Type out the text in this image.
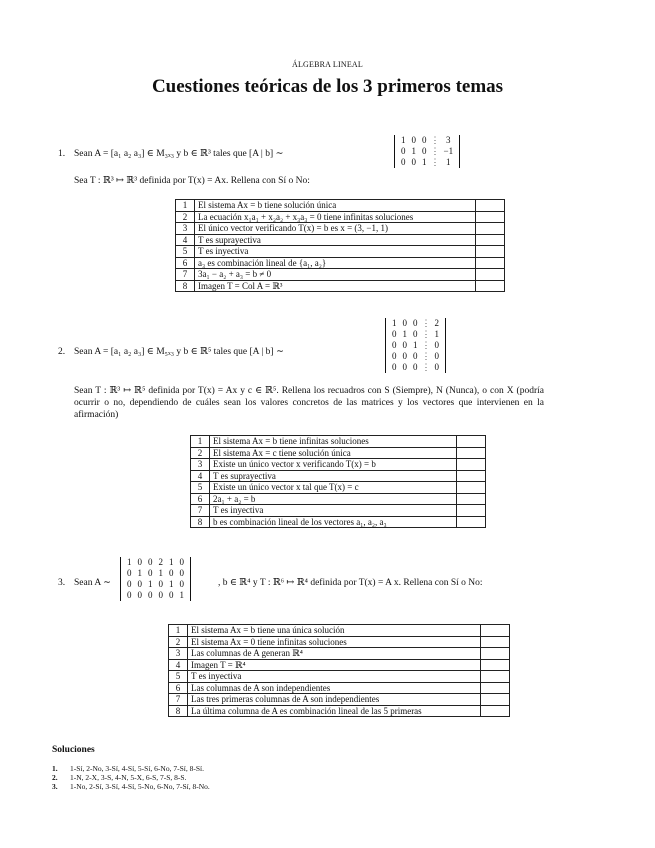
ÁLGEBRA LINEAL
Cuestiones teóricas de los 3 primeros temas
1. Sean A = [a₁ a₂ a₃] ∈ M₃ₓ₃ y b ∈ ℝ³ tales que [A | b] ∼
1	0	0	⋮	3
0	1	0	⋮	−1
0	0	1	⋮	1
Sea T : ℝ³ ↦ ℝ³ definida por T(x) = Ax. Rellena con Sí o No:
1	El sistema Ax = b tiene solución única	
2	La ecuación x₁a₁ + x₂a₂ + x₃a₃ = 0 tiene infinitas soluciones	
3	El único vector verificando T(x) = b es x = (3, −1, 1)	
4	T es suprayectiva	
5	T es inyectiva	
6	a₃ es combinación lineal de {a₁, a₂}	
7	3a₁ − a₂ + a₃ = b ≠ 0	
8	Imagen T = Col A = ℝ³	
2. Sean A = [a₁ a₂ a₃] ∈ M₅ₓ₃ y b ∈ ℝ⁵ tales que [A | b] ∼
1	0	0	⋮	2
0	1	0	⋮	1
0	0	1	⋮	0
0	0	0	⋮	0
0	0	0	⋮	0
Sean T : ℝ³ ↦ ℝ⁵ definida por T(x) = Ax y c ∈ ℝ⁵. Rellena los recuadros con S (Siempre), N (Nunca), o con X (podría ocurrir o no, dependiendo de cuáles sean los valores concretos de las matrices y los vectores que intervienen en la afirmación)
1	El sistema Ax = b tiene infinitas soluciones	
2	El sistema Ax = c tiene solución única	
3	Existe un único vector x verificando T(x) = b	
4	T es suprayectiva	
5	Existe un único vector x tal que T(x) = c	
6	2a₁ + a₂ = b	
7	T es inyectiva	
8	b es combinación lineal de los vectores a₁, a₂, a₃	
3. Sean A ∼
1	0	0	2	1	0
0	1	0	1	0	0
0	0	1	0	1	0
0	0	0	0	0	1
, b ∈ ℝ⁴ y T : ℝ⁶ ↦ ℝ⁴ definida por T(x) = A x. Rellena con Sí o No:
1	El sistema Ax = b tiene una única solución	
2	El sistema Ax = 0 tiene infinitas soluciones	
3	Las columnas de A generan ℝ⁴	
4	Imagen T = ℝ⁴	
5	T es inyectiva	
6	Las columnas de A son independientes	
7	Las tres primeras columnas de A son independientes	
8	La última columna de A es combinación lineal de las 5 primeras	
Soluciones
1. 1-Sí, 2-No, 3-Sí, 4-Sí, 5-Sí, 6-No, 7-Sí, 8-Sí.
2. 1-N, 2-X, 3-S, 4-N, 5-X, 6-S, 7-S, 8-S.
3. 1-No, 2-Sí, 3-Sí, 4-Sí, 5-No, 6-No, 7-Sí, 8-No.
